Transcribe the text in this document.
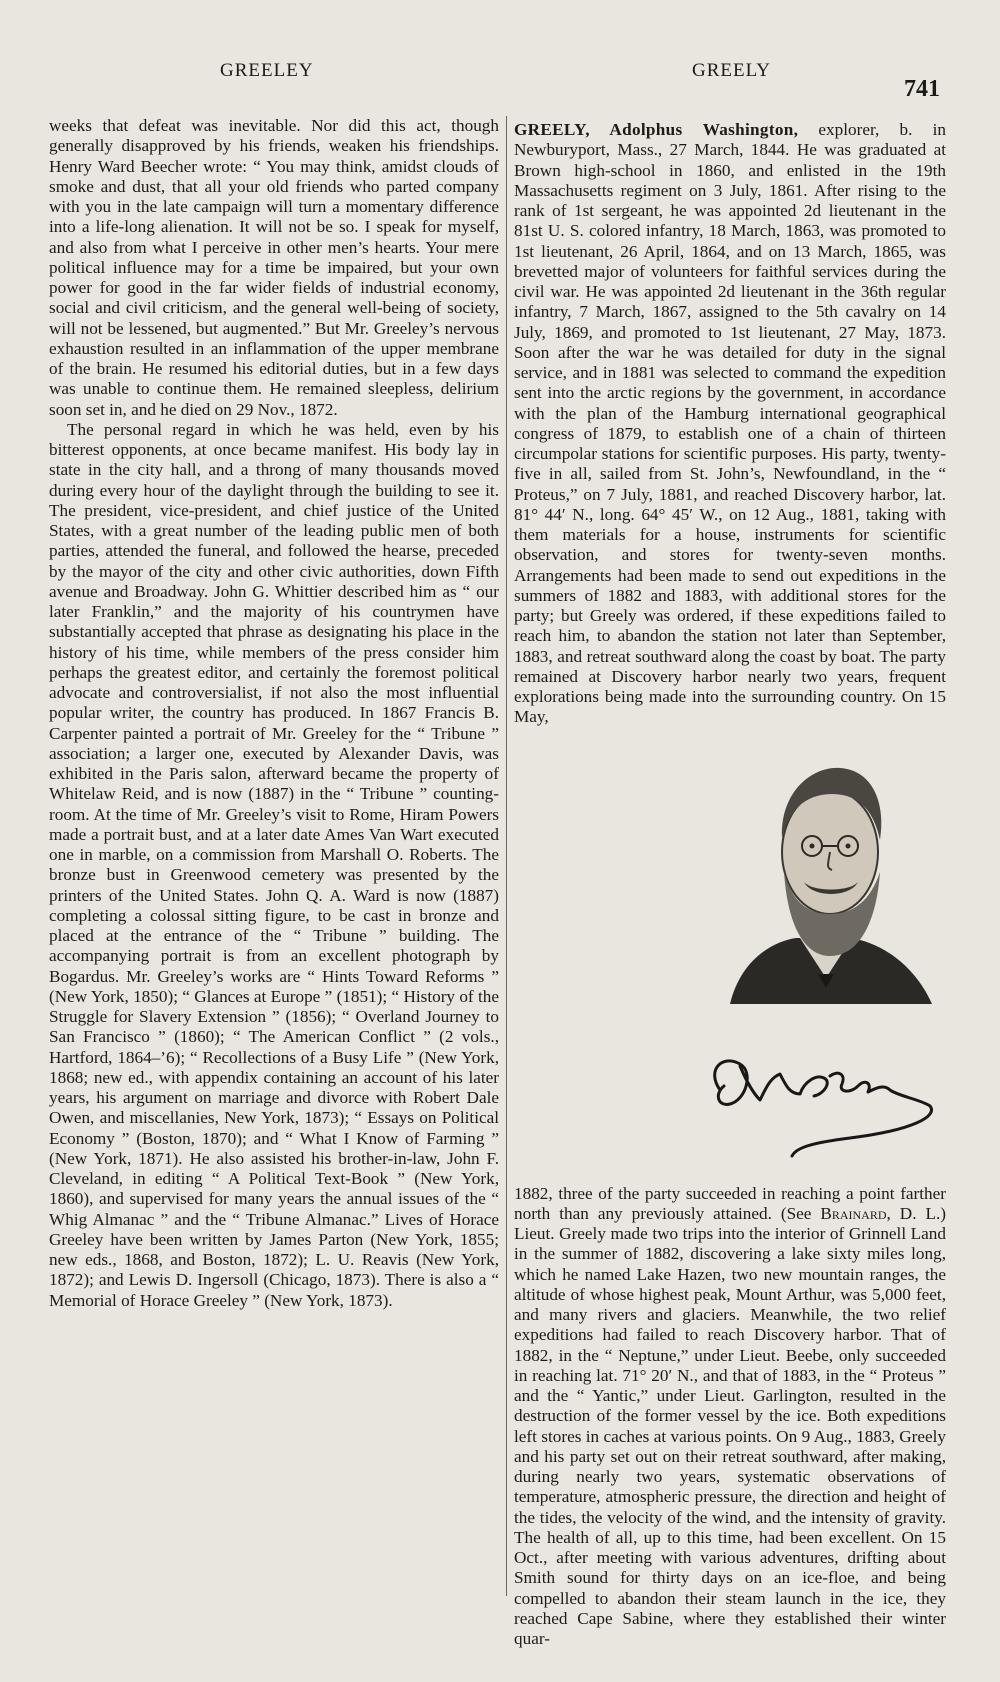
GREELEY	GREELY
741

weeks that defeat was inevitable. Nor did this act, though generally disapproved by his friends, weaken his friendships. Henry Ward Beecher wrote: “ You may think, amidst clouds of smoke and dust, that all your old friends who parted company with you in the late campaign will turn a momentary difference into a life-long alienation. It will not be so. I speak for myself, and also from what I perceive in other men’s hearts. Your mere political influence may for a time be impaired, but your own power for good in the far wider fields of industrial economy, social and civil criticism, and the general well-being of society, will not be lessened, but augmented.” But Mr. Greeley’s nervous exhaustion resulted in an inflammation of the upper membrane of the brain. He resumed his editorial duties, but in a few days was unable to continue them. He remained sleepless, delirium soon set in, and he died on 29 Nov., 1872.

The personal regard in which he was held, even by his bitterest opponents, at once became manifest. His body lay in state in the city hall, and a throng of many thousands moved during every hour of the daylight through the building to see it. The president, vice-president, and chief justice of the United States, with a great number of the leading public men of both parties, attended the funeral, and followed the hearse, preceded by the mayor of the city and other civic authorities, down Fifth avenue and Broadway. John G. Whittier described him as “ our later Franklin,” and the majority of his countrymen have substantially accepted that phrase as designating his place in the history of his time, while members of the press consider him perhaps the greatest editor, and certainly the foremost political advocate and controversialist, if not also the most influential popular writer, the country has produced. In 1867 Francis B. Carpenter painted a portrait of Mr. Greeley for the “ Tribune ” association; a larger one, executed by Alexander Davis, was exhibited in the Paris salon, afterward became the property of Whitelaw Reid, and is now (1887) in the “ Tribune ” counting-room. At the time of Mr. Greeley’s visit to Rome, Hiram Powers made a portrait bust, and at a later date Ames Van Wart executed one in marble, on a commission from Marshall O. Roberts. The bronze bust in Greenwood cemetery was presented by the printers of the United States. John Q. A. Ward is now (1887) completing a colossal sitting figure, to be cast in bronze and placed at the entrance of the “ Tribune ” building. The accompanying portrait is from an excellent photograph by Bogardus. Mr. Greeley’s works are “ Hints Toward Reforms ” (New York, 1850); “ Glances at Europe ” (1851); “ History of the Struggle for Slavery Extension ” (1856); “ Overland Journey to San Francisco ” (1860); “ The American Conflict ” (2 vols., Hartford, 1864–’6); “ Recollections of a Busy Life ” (New York, 1868; new ed., with appendix containing an account of his later years, his argument on marriage and divorce with Robert Dale Owen, and miscellanies, New York, 1873); “ Essays on Political Economy ” (Boston, 1870); and “ What I Know of Farming ” (New York, 1871). He also assisted his brother-in-law, John F. Cleveland, in editing “ A Political Text-Book ” (New York, 1860), and supervised for many years the annual issues of the “ Whig Almanac ” and the “ Tribune Almanac.” Lives of Horace Greeley have been written by James Parton (New York, 1855; new eds., 1868, and Boston, 1872); L. U. Reavis (New York, 1872); and Lewis D. Ingersoll (Chicago, 1873). There is also a “ Memorial of Horace Greeley ” (New York, 1873).

GREELY, Adolphus Washington, explorer, b. in Newburyport, Mass., 27 March, 1844. He was graduated at Brown high-school in 1860, and enlisted in the 19th Massachusetts regiment on 3 July, 1861. After rising to the rank of 1st sergeant, he was appointed 2d lieutenant in the 81st U. S. colored infantry, 18 March, 1863, was promoted to 1st lieutenant, 26 April, 1864, and on 13 March, 1865, was brevetted major of volunteers for faithful services during the civil war. He was appointed 2d lieutenant in the 36th regular infantry, 7 March, 1867, assigned to the 5th cavalry on 14 July, 1869, and promoted to 1st lieutenant, 27 May, 1873. Soon after the war he was detailed for duty in the signal service, and in 1881 was selected to command the expedition sent into the arctic regions by the government, in accordance with the plan of the Hamburg international geographical congress of 1879, to establish one of a chain of thirteen circumpolar stations for scientific purposes. His party, twenty-five in all, sailed from St. John’s, Newfoundland, in the “ Proteus,” on 7 July, 1881, and reached Discovery harbor, lat. 81° 44′ N., long. 64° 45′ W., on 12 Aug., 1881, taking with them materials for a house, instruments for scientific observation, and stores for twenty-seven months. Arrangements had been made to send out expeditions in the summers of 1882 and 1883, with additional stores for the party; but Greely was ordered, if these expeditions failed to reach him, to abandon the station not later than September, 1883, and retreat southward along the coast by boat. The party remained at Discovery harbor nearly two years, frequent explorations being made into the surrounding country. On 15 May,

1882, three of the party succeeded in reaching a point farther north than any previously attained. (See Brainard, D. L.) Lieut. Greely made two trips into the interior of Grinnell Land in the summer of 1882, discovering a lake sixty miles long, which he named Lake Hazen, two new mountain ranges, the altitude of whose highest peak, Mount Arthur, was 5,000 feet, and many rivers and glaciers. Meanwhile, the two relief expeditions had failed to reach Discovery harbor. That of 1882, in the “ Neptune,” under Lieut. Beebe, only succeeded in reaching lat. 71° 20′ N., and that of 1883, in the “ Proteus ” and the “ Yantic,” under Lieut. Garlington, resulted in the destruction of the former vessel by the ice. Both expeditions left stores in caches at various points. On 9 Aug., 1883, Greely and his party set out on their retreat southward, after making, during nearly two years, systematic observations of temperature, atmospheric pressure, the direction and height of the tides, the velocity of the wind, and the intensity of gravity. The health of all, up to this time, had been excellent. On 15 Oct., after meeting with various adventures, drifting about Smith sound for thirty days on an ice-floe, and being compelled to abandon their steam launch in the ice, they reached Cape Sabine, where they established their winter quar-
